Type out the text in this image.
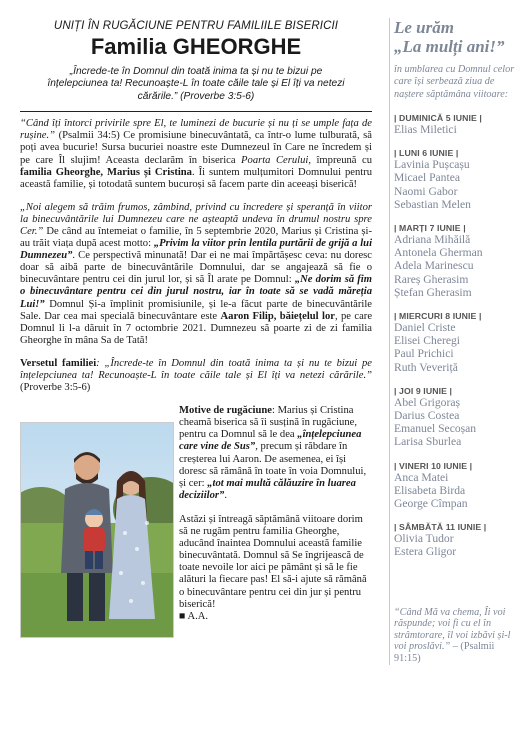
UNIȚI ÎN RUGĂCIUNE PENTRU FAMILIILE BISERICII
Familia GHEORGHE
„Încrede-te în Domnul din toată inima ta și nu te bizui pe înțelepciunea ta! Recunoaște-L în toate căile tale și El îți va netezi cărările.” (Proverbe 3:5-6)

“Când îți întorci privirile spre El, te luminezi de bucurie și nu ți se umple fața de rușine.” (Psalmii 34:5) Ce promisiune binecuvântată, ca într-o lume tulburată, să poți avea bucurie! Sursa bucuriei noastre este Dumnezeul în Care ne încredem și pe care Îl slujim! Aceasta declarăm în biserica Poarta Cerului, împreună cu familia Gheorghe, Marius și Cristina. Îi suntem mulțumitori Domnului pentru această familie, și totodată suntem bucuroși să facem parte din aceeași biserică!

„Noi alegem să trăim frumos, zâmbind, privind cu încredere și speranță în viitor la binecuvântările lui Dumnezeu care ne așteaptă undeva în drumul nostru spre Cer.” De când au întemeiat o familie, în 5 septembrie 2020, Marius și Cristina și-au trăit viața după acest motto: „Privim la viitor prin lentila purtării de grijă a lui Dumnezeu”. Ce perspectivă minunată! Dar ei ne mai împărtășesc ceva: nu doresc doar să aibă parte de binecuvântările Domnului, dar se angajează să fie o binecuvântare pentru cei din jurul lor, și să Îl arate pe Domnul: „Ne dorim să fim o binecuvântare pentru cei din jurul nostru, iar în toate să se vadă măreția Lui!” Domnul Și-a împlinit promisiunile, și le-a făcut parte de binecuvântările Sale. Dar cea mai specială binecuvântare este Aaron Filip, băiețelul lor, pe care Domnul li l-a dăruit în 7 octombrie 2021. Dumnezeu să poarte zi de zi familia Gheorghe în mâna Sa de Tată!

Versetul familiei: „Încrede-te în Domnul din toată inima ta și nu te bizui pe înțelepciunea ta! Recunoaște-L în toate căile tale și El îți va netezi cărările.” (Proverbe 3:5-6)

Motive de rugăciune: Marius și Cristina cheamă biserica să îi susțină în rugăciune, pentru ca Domnul să le dea „înțelepciunea care vine de Sus”, precum și răbdare în creșterea lui Aaron. De asemenea, ei își doresc să rămână în toate în voia Domnului, și cer: „tot mai multă călăuzire în luarea deciziilor”.
Astăzi și întreagă săptămână viitoare dorim să ne rugăm pentru familia Gheorghe, aducând înaintea Domnului această familie binecuvântată. Domnul să Se îngrijească de toate nevoile lor aici pe pământ și să le fie alături la fiecare pas! El să-i ajute să rămână o binecuvântare pentru cei din jur și pentru biserică!
■ A.A.
Le urăm
„La mulți ani!”
în umblarea cu Domnul celor care își serbează ziua de naștere săptămâna viitoare:
| DUMINICĂ 5 IUNIE |
Elias Miletici
| LUNI 6 IUNIE |
Lavinia Pușcașu
Micael Pantea
Naomi Gabor
Sebastian Melen
| MARȚI 7 IUNIE |
Adriana Mihăilă
Antonela Gherman
Adela Marinescu
Rareș Gherasim
Ștefan Gherasim
| MIERCURI 8 IUNIE |
Daniel Criste
Elisei Cheregi
Paul Prichici
Ruth Veveriță
| JOI 9 IUNIE |
Abel Grigoraș
Darius Costea
Emanuel Secoșan
Larisa Sburlea
| VINERI 10 IUNIE |
Anca Matei
Elisabeta Birda
George Cîmpan
| SÂMBĂTĂ 11 IUNIE |
Olivia Tudor
Estera Gligor
“Când Mă va chema, Îi voi răspunde; voi fi cu el în strâmtorare, îl voi izbăvi și-l voi proslăvi.” – (Psalmii 91:15)
